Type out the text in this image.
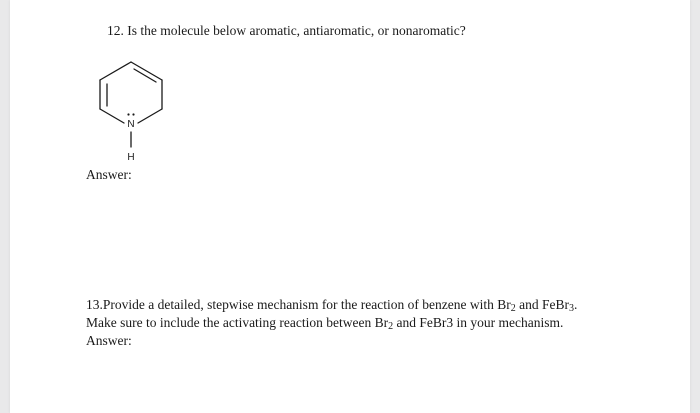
12. Is the molecule below aromatic, antiaromatic, or nonaromatic?

N
H

Answer:

13.Provide a detailed, stepwise mechanism for the reaction of benzene with $Br_2$ and FeBr$_3$.

Make sure to include the activating reaction between $Br_2$ and FeBr3 in your mechanism.

Answer:
